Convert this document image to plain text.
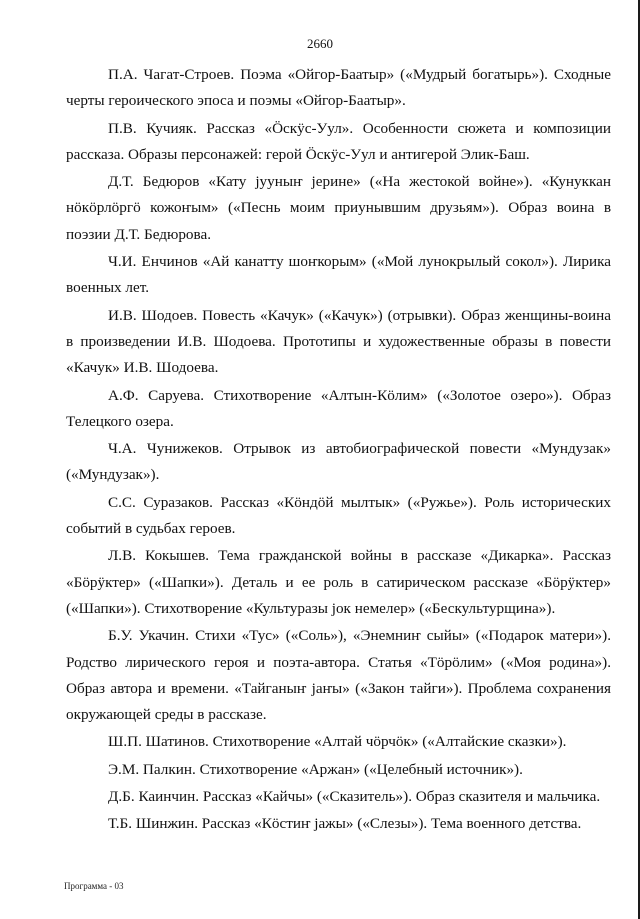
2660

П.А. Чагат-Строев. Поэма «Ойгор-Баатыр» («Мудрый богатырь»). Сходные черты героического эпоса и поэмы «Ойгор-Баатыр».

П.В. Кучияк. Рассказ «Ӧскӱс-Уул». Особенности сюжета и композиции рассказа. Образы персонажей: герой Ӧскӱс-Уул и антигерой Элик-Баш.

Д.Т. Бедюров «Кату јууныҥ јерине» («На жестокой войне»). «Кунуккан нӧкӧрлӧргӧ кожоҥым» («Песнь моим приунывшим друзьям»). Образ воина в поэзии Д.Т. Бедюрова.

Ч.И. Енчинов «Ай канатту шоҥкорым» («Мой лунокрылый сокол»). Лирика военных лет.

И.В. Шодоев. Повесть «Качук» («Качук») (отрывки). Образ женщины-воина в произведении И.В. Шодоева. Прототипы и художественные образы в повести «Качук» И.В. Шодоева.

А.Ф. Саруева. Стихотворение «Алтын-Кӧлим» («Золотое озеро»). Образ Телецкого озера.

Ч.А. Чунижеков. Отрывок из автобиографической повести «Мундузак» («Мундузак»).

С.С. Суразаков. Рассказ «Кӧндӧй мылтык» («Ружье»). Роль исторических событий в судьбах героев.

Л.В. Кокышев. Тема гражданской войны в рассказе «Дикарка». Рассказ «Бӧрӱктер» («Шапки»). Деталь и ее роль в сатирическом рассказе «Бӧрӱктер» («Шапки»). Стихотворение «Культуразы јок немелер» («Бескультурщина»).

Б.У. Укачин. Стихи «Тус» («Соль»), «Энемниҥ сыйы» («Подарок матери»). Родство лирического героя и поэта-автора. Статья «Тӧрӧлим» («Моя родина»). Образ автора и времени. «Тайганыҥ јаҥы» («Закон тайги»). Проблема сохранения окружающей среды в рассказе.

Ш.П. Шатинов. Стихотворение «Алтай чӧрчӧк» («Алтайские сказки»).

Э.М. Палкин. Стихотворение «Аржан» («Целебный источник»).

Д.Б. Каинчин. Рассказ «Кайчы» («Сказитель»). Образ сказителя и мальчика.

Т.Б. Шинжин. Рассказ «Кӧстиҥ јажы» («Слезы»). Тема военного детства.

Программа - 03
